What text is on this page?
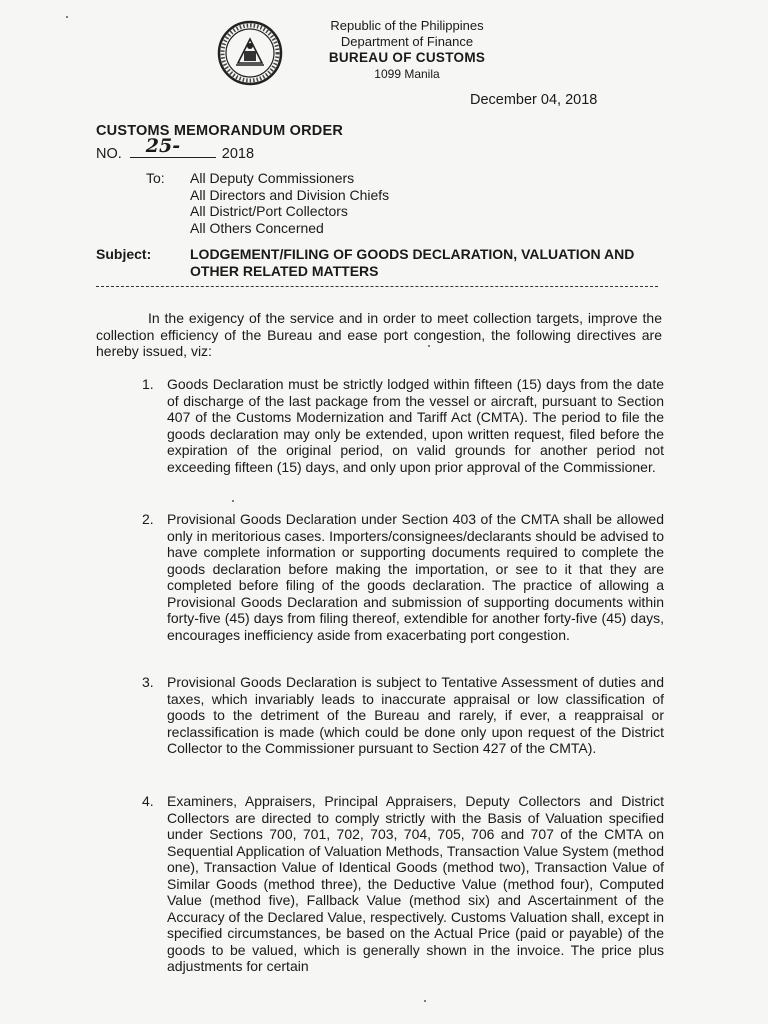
Republic of the Philippines
Department of Finance
BUREAU OF CUSTOMS
1099 Manila
December 04, 2018
CUSTOMS MEMORANDUM ORDER
NO. 25-	2018
To: All Deputy Commissioners
All Directors and Division Chiefs
All District/Port Collectors
All Others Concerned
Subject:	LODGEMENT/FILING OF GOODS DECLARATION, VALUATION AND OTHER RELATED MATTERS
In the exigency of the service and in order to meet collection targets, improve the collection efficiency of the Bureau and ease port congestion, the following directives are hereby issued, viz:
1. Goods Declaration must be strictly lodged within fifteen (15) days from the date of discharge of the last package from the vessel or aircraft, pursuant to Section 407 of the Customs Modernization and Tariff Act (CMTA). The period to file the goods declaration may only be extended, upon written request, filed before the expiration of the original period, on valid grounds for another period not exceeding fifteen (15) days, and only upon prior approval of the Commissioner.
2. Provisional Goods Declaration under Section 403 of the CMTA shall be allowed only in meritorious cases. Importers/consignees/declarants should be advised to have complete information or supporting documents required to complete the goods declaration before making the importation, or see to it that they are completed before filing of the goods declaration. The practice of allowing a Provisional Goods Declaration and submission of supporting documents within forty-five (45) days from filing thereof, extendible for another forty-five (45) days, encourages inefficiency aside from exacerbating port congestion.
3. Provisional Goods Declaration is subject to Tentative Assessment of duties and taxes, which invariably leads to inaccurate appraisal or low classification of goods to the detriment of the Bureau and rarely, if ever, a reappraisal or reclassification is made (which could be done only upon request of the District Collector to the Commissioner pursuant to Section 427 of the CMTA).
4. Examiners, Appraisers, Principal Appraisers, Deputy Collectors and District Collectors are directed to comply strictly with the Basis of Valuation specified under Sections 700, 701, 702, 703, 704, 705, 706 and 707 of the CMTA on Sequential Application of Valuation Methods, Transaction Value System (method one), Transaction Value of Identical Goods (method two), Transaction Value of Similar Goods (method three), the Deductive Value (method four), Computed Value (method five), Fallback Value (method six) and Ascertainment of the Accuracy of the Declared Value, respectively. Customs Valuation shall, except in specified circumstances, be based on the Actual Price (paid or payable) of the goods to be valued, which is generally shown in the invoice. The price plus adjustments for certain
